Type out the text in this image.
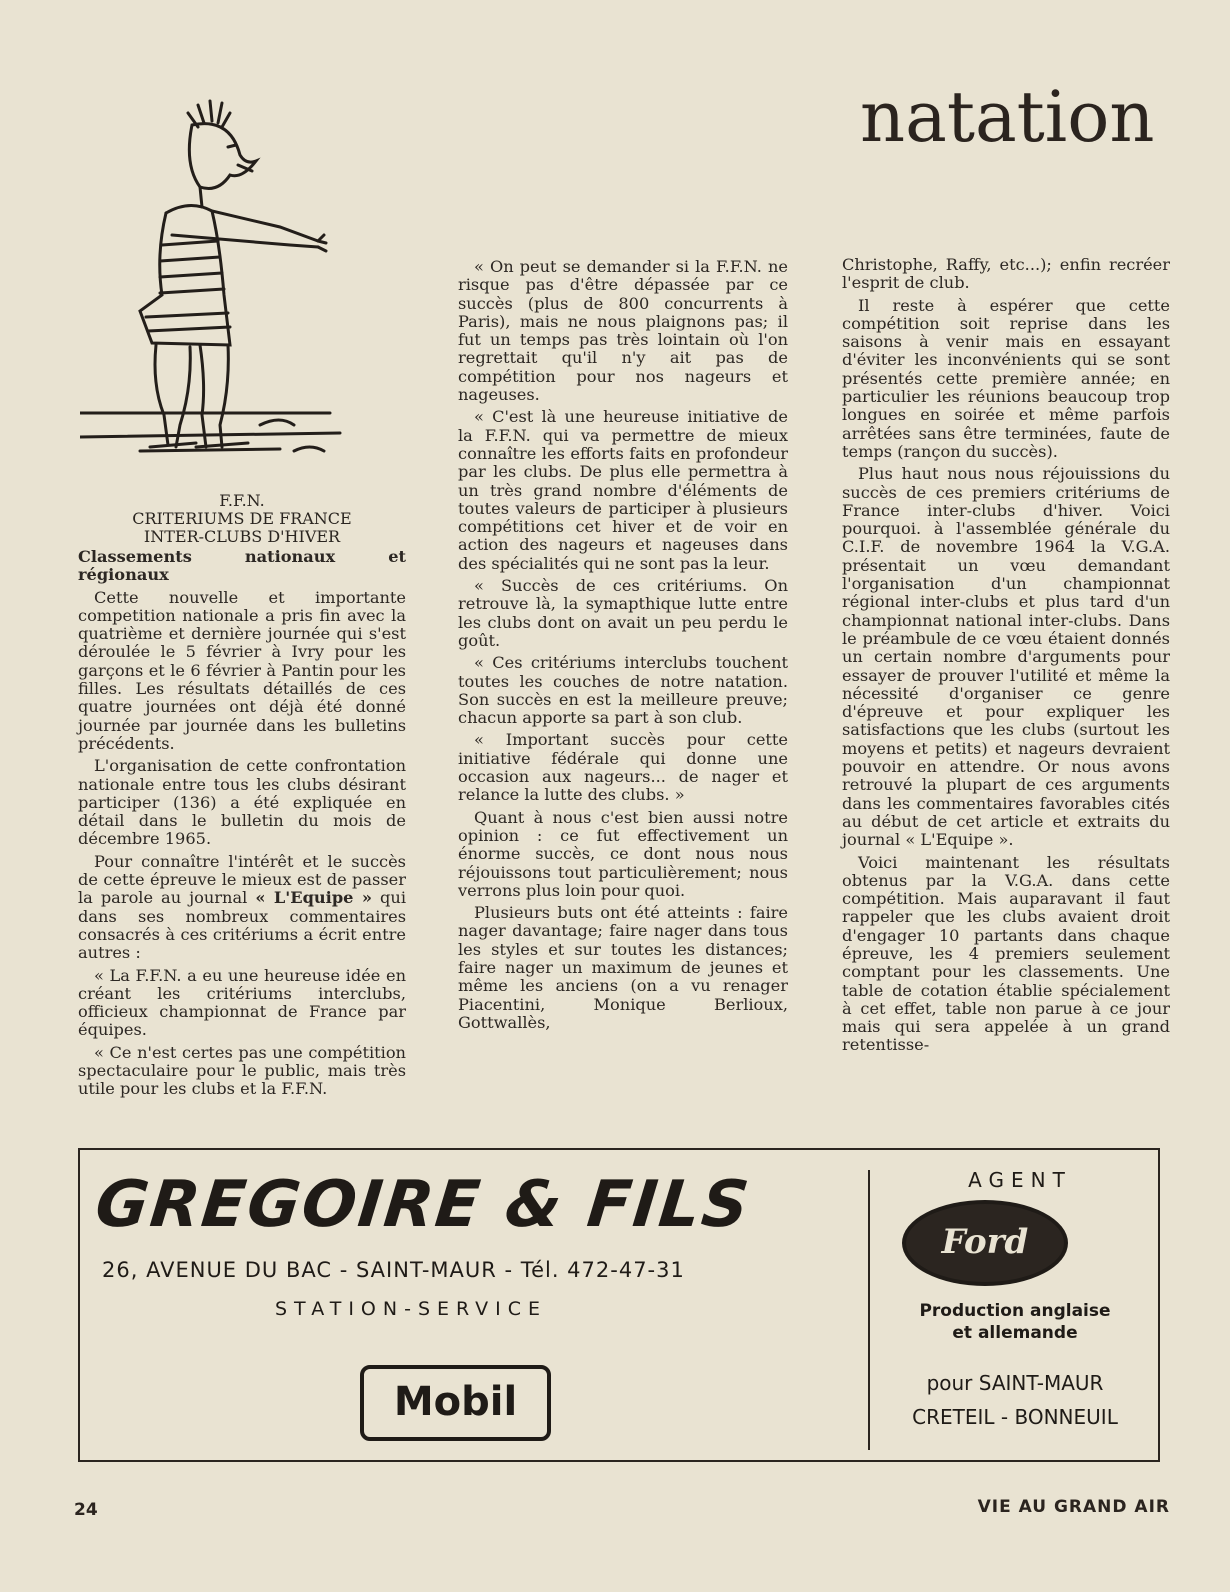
natation
F.F.N.
CRITERIUMS DE FRANCE
INTER-CLUBS D'HIVER

Classements nationaux et régionaux

Cette nouvelle et importante competition nationale a pris fin avec la quatrième et dernière journée qui s'est déroulée le 5 février à Ivry pour les garçons et le 6 février à Pantin pour les filles. Les résultats détaillés de ces quatre journées ont déjà été donné journée par journée dans les bulletins précédents.

L'organisation de cette confrontation nationale entre tous les clubs désirant participer (136) a été expliquée en détail dans le bulletin du mois de décembre 1965.

Pour connaître l'intérêt et le succès de cette épreuve le mieux est de passer la parole au journal « L'Equipe » qui dans ses nombreux commentaires consacrés à ces critériums a écrit entre autres :

« La F.F.N. a eu une heureuse idée en créant les critériums interclubs, officieux championnat de France par équipes.

« Ce n'est certes pas une compétition spectaculaire pour le public, mais très utile pour les clubs et la F.F.N.

« On peut se demander si la F.F.N. ne risque pas d'être dépassée par ce succès (plus de 800 concurrents à Paris), mais ne nous plaignons pas; il fut un temps pas très lointain où l'on regrettait qu'il n'y ait pas de compétition pour nos nageurs et nageuses.

« C'est là une heureuse initiative de la F.F.N. qui va permettre de mieux connaître les efforts faits en profondeur par les clubs. De plus elle permettra à un très grand nombre d'éléments de toutes valeurs de participer à plusieurs compétitions cet hiver et de voir en action des nageurs et nageuses dans des spécialités qui ne sont pas la leur.

« Succès de ces critériums. On retrouve là, la symapthique lutte entre les clubs dont on avait un peu perdu le goût.

« Ces critériums interclubs touchent toutes les couches de notre natation. Son succès en est la meilleure preuve; chacun apporte sa part à son club.

« Important succès pour cette initiative fédérale qui donne une occasion aux nageurs... de nager et relance la lutte des clubs. »

Quant à nous c'est bien aussi notre opinion : ce fut effectivement un énorme succès, ce dont nous nous réjouissons tout particulièrement; nous verrons plus loin pour quoi.

Plusieurs buts ont été atteints : faire nager davantage; faire nager dans tous les styles et sur toutes les distances; faire nager un maximum de jeunes et même les anciens (on a vu renager Piacentini, Monique Berlioux, Gottwallès,

Christophe, Raffy, etc...); enfin recréer l'esprit de club.

Il reste à espérer que cette compétition soit reprise dans les saisons à venir mais en essayant d'éviter les inconvénients qui se sont présentés cette première année; en particulier les réunions beaucoup trop longues en soirée et même parfois arrêtées sans être terminées, faute de temps (rançon du succès).

Plus haut nous nous réjouissions du succès de ces premiers critériums de France inter-clubs d'hiver. Voici pourquoi. à l'assemblée générale du C.I.F. de novembre 1964 la V.G.A. présentait un vœu demandant l'organisation d'un championnat régional inter-clubs et plus tard d'un championnat national inter-clubs. Dans le préambule de ce vœu étaient donnés un certain nombre d'arguments pour essayer de prouver l'utilité et même la nécessité d'organiser ce genre d'épreuve et pour expliquer les satisfactions que les clubs (surtout les moyens et petits) et nageurs devraient pouvoir en attendre. Or nous avons retrouvé la plupart de ces arguments dans les commentaires favorables cités au début de cet article et extraits du journal « L'Equipe ».

Voici maintenant les résultats obtenus par la V.G.A. dans cette compétition. Mais auparavant il faut rappeler que les clubs avaient droit d'engager 10 partants dans chaque épreuve, les 4 premiers seulement comptant pour les classements. Une table de cotation établie spécialement à cet effet, table non parue à ce jour mais qui sera appelée à un grand retentisse-

GREGOIRE & FILS
26, AVENUE DU BAC - SAINT-MAUR - Tél. 472-47-31
STATION-SERVICE
Mobil
AGENT
Ford
Production anglaise
et allemande
pour SAINT-MAUR
CRETEIL - BONNEUIL
24	VIE AU GRAND AIR
